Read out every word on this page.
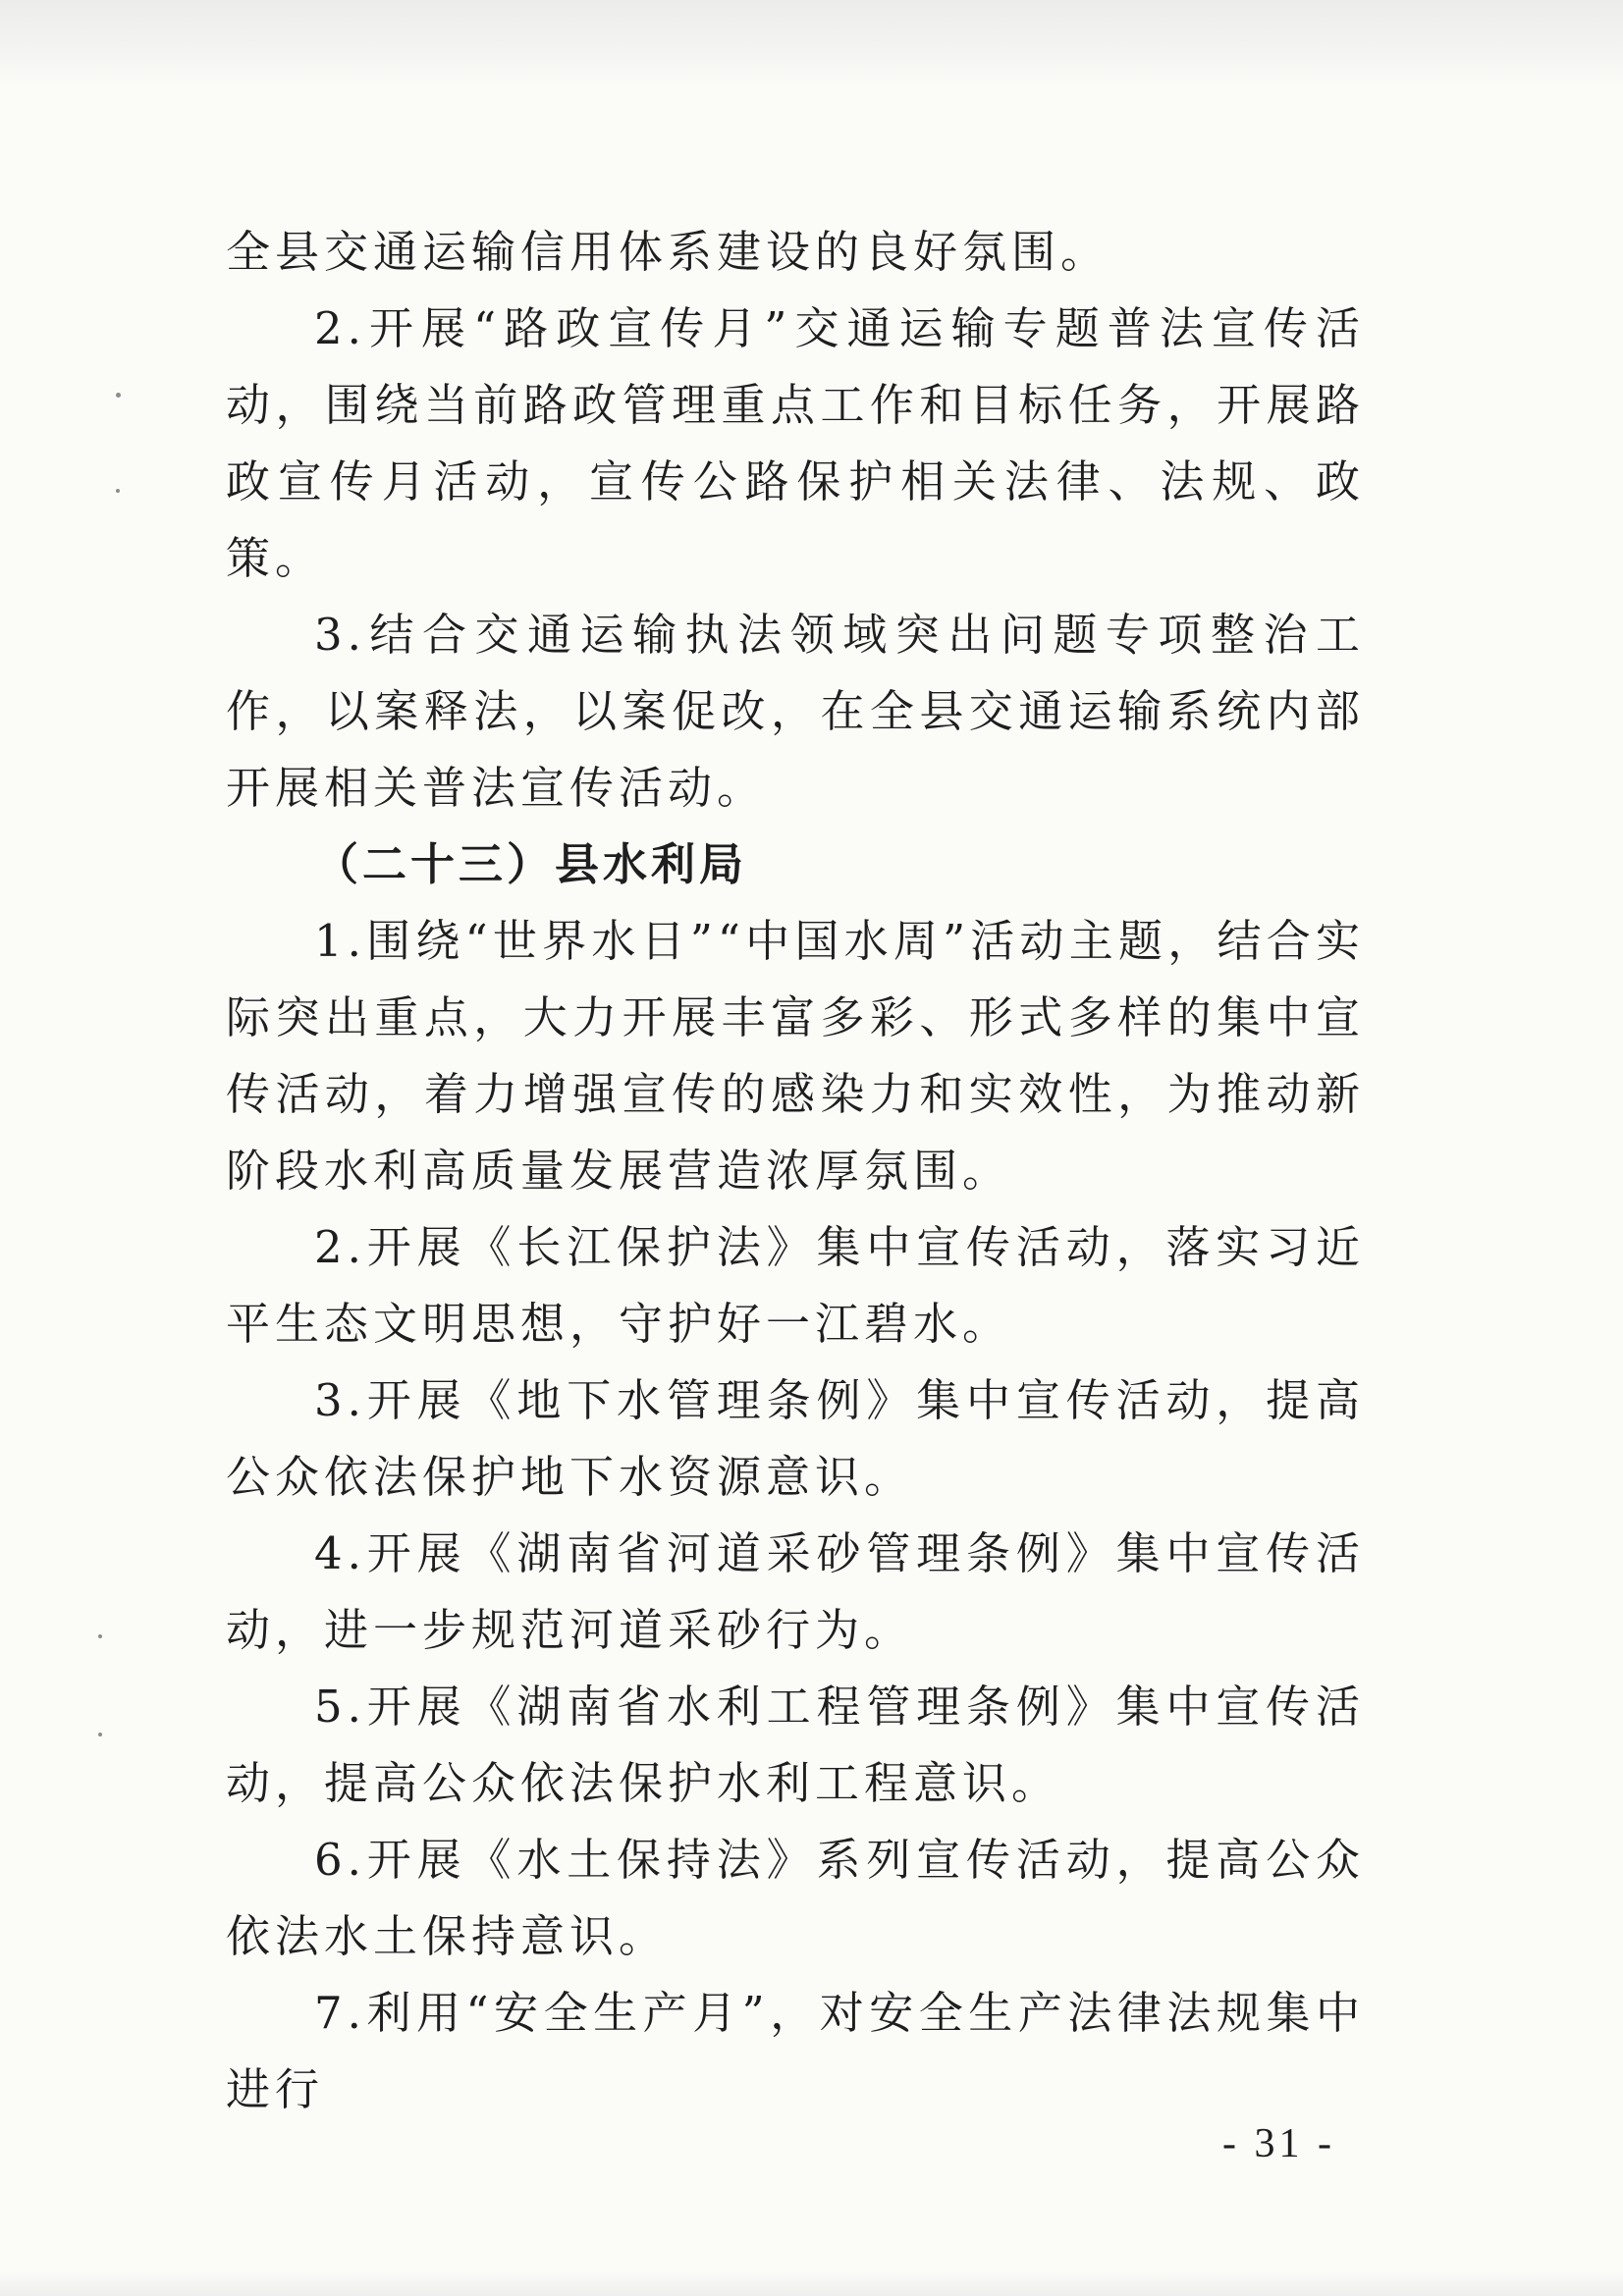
全县交通运输信用体系建设的良好氛围。

2.开展“路政宣传月”交通运输专题普法宣传活动，围绕当前路政管理重点工作和目标任务，开展路政宣传月活动，宣传公路保护相关法律、法规、政策。

3.结合交通运输执法领域突出问题专项整治工作，以案释法，以案促改，在全县交通运输系统内部开展相关普法宣传活动。

（二十三）县水利局

1.围绕“世界水日”“中国水周”活动主题，结合实际突出重点，大力开展丰富多彩、形式多样的集中宣传活动，着力增强宣传的感染力和实效性，为推动新阶段水利高质量发展营造浓厚氛围。

2.开展《长江保护法》集中宣传活动，落实习近平生态文明思想，守护好一江碧水。

3.开展《地下水管理条例》集中宣传活动，提高公众依法保护地下水资源意识。

4.开展《湖南省河道采砂管理条例》集中宣传活动，进一步规范河道采砂行为。

5.开展《湖南省水利工程管理条例》集中宣传活动，提高公众依法保护水利工程意识。

6.开展《水土保持法》系列宣传活动，提高公众依法水土保持意识。

7.利用“安全生产月”，对安全生产法律法规集中进行

- 31 -
